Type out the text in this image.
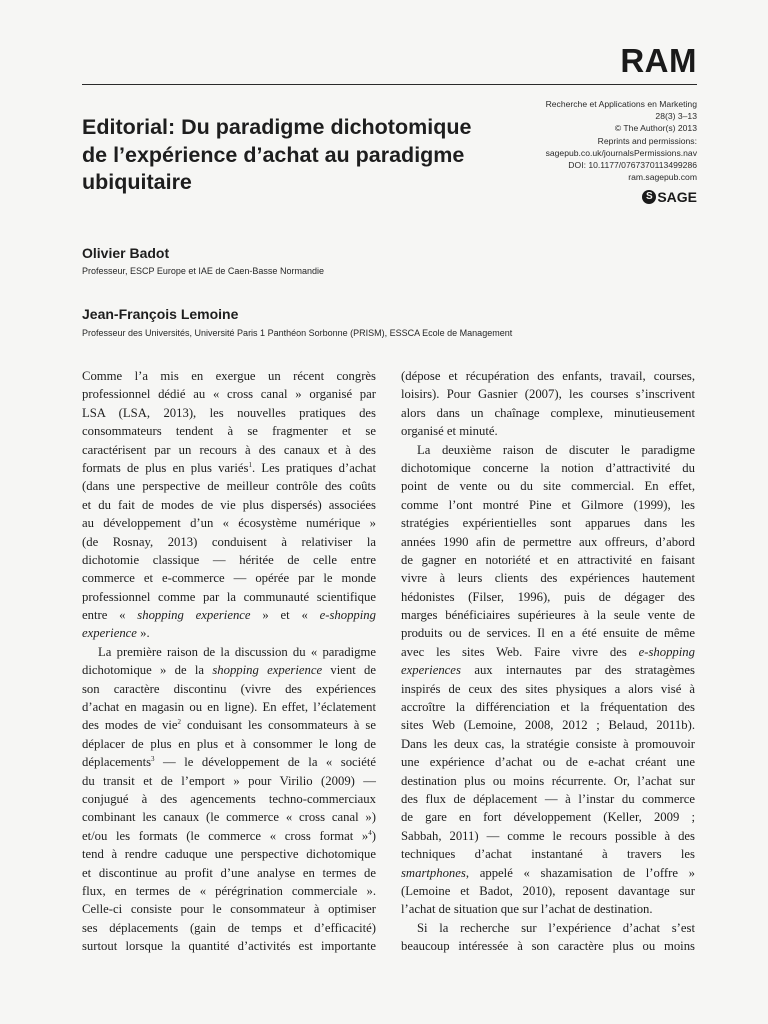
RAM
Editorial: Du paradigme dichotomique
de l’expérience d’achat au paradigme
ubiquitaire
Recherche et Applications en Marketing
28(3) 3–13
© The Author(s) 2013
Reprints and permissions:
sagepub.co.uk/journalsPermissions.nav
DOI: 10.1177/0767370113499286
ram.sagepub.com
S SAGE
Olivier Badot
Professeur, ESCP Europe et IAE de Caen-Basse Normandie
Jean-François Lemoine
Professeur des Universités, Université Paris 1 Panthéon Sorbonne (PRISM), ESSCA Ecole de Management
Comme l’a mis en exergue un récent congrès
professionnel dédié au « cross canal » organisé par
LSA (LSA, 2013), les nouvelles pratiques des
consommateurs tendent à se fragmenter et se
caractérisent par un recours à des canaux et à des
formats de plus en plus variés$^1$. Les pratiques d’achat
(dans une perspective de meilleur contrôle des coûts
et du fait de modes de vie plus dispersés) associées
au développement d’un « écosystème numérique »
(de Rosnay, 2013) conduisent à relativiser la
dichotomie classique — héritée de celle entre
commerce et e-commerce — opérée par le monde
professionnel comme par la communauté scientifique
entre « shopping experience » et « e-shopping
experience ».
La première raison de la discussion du « paradigme
dichotomique » de la shopping experience vient de
son caractère discontinu (vivre des expériences
d’achat en magasin ou en ligne). En effet, l’éclatement
des modes de vie$^2$ conduisant les consommateurs à se
déplacer de plus en plus et à consommer le long de
déplacements$^3$ — le développement de la « société
du transit et de l’emport » pour Virilio (2009) —
conjugué à des agencements techno-commerciaux
combinant les canaux (le commerce « cross canal »)
et/ou les formats (le commerce « cross format »$^4$)
tend à rendre caduque une perspective dichotomique
et discontinue au profit d’une analyse en termes de
flux, en termes de « pérégrination commerciale ».
Celle-ci consiste pour le consommateur à optimiser
ses déplacements (gain de temps et d’efficacité)
surtout lorsque la quantité d’activités est importante
(dépose et récupération des enfants, travail, courses,
loisirs). Pour Gasnier (2007), les courses s’inscrivent
alors dans un chaînage complexe, minutieusement
organisé et minuté.
La deuxième raison de discuter le paradigme
dichotomique concerne la notion d’attractivité du
point de vente ou du site commercial. En effet,
comme l’ont montré Pine et Gilmore (1999), les
stratégies expérientielles sont apparues dans les
années 1990 afin de permettre aux offreurs, d’abord
de gagner en notoriété et en attractivité en faisant
vivre à leurs clients des expériences hautement
hédonistes (Filser, 1996), puis de dégager des
marges bénéficiaires supérieures à la seule vente de
produits ou de services. Il en a été ensuite de même
avec les sites Web. Faire vivre des e-shopping
experiences aux internautes par des stratagèmes
inspirés de ceux des sites physiques a alors visé à
accroître la différenciation et la fréquentation des
sites Web (Lemoine, 2008, 2012 ; Belaud, 2011b).
Dans les deux cas, la stratégie consiste à promouvoir
une expérience d’achat ou de e-achat créant une
destination plus ou moins récurrente. Or, l’achat sur
des flux de déplacement — à l’instar du commerce
de gare en fort développement (Keller, 2009 ;
Sabbah, 2011) — comme le recours possible à des
techniques d’achat instantané à travers les
smartphones, appelé « shazamisation de l’offre »
(Lemoine et Badot, 2010), reposent davantage sur
l’achat de situation que sur l’achat de destination.
Si la recherche sur l’expérience d’achat s’est
beaucoup intéressée à son caractère plus ou moins
